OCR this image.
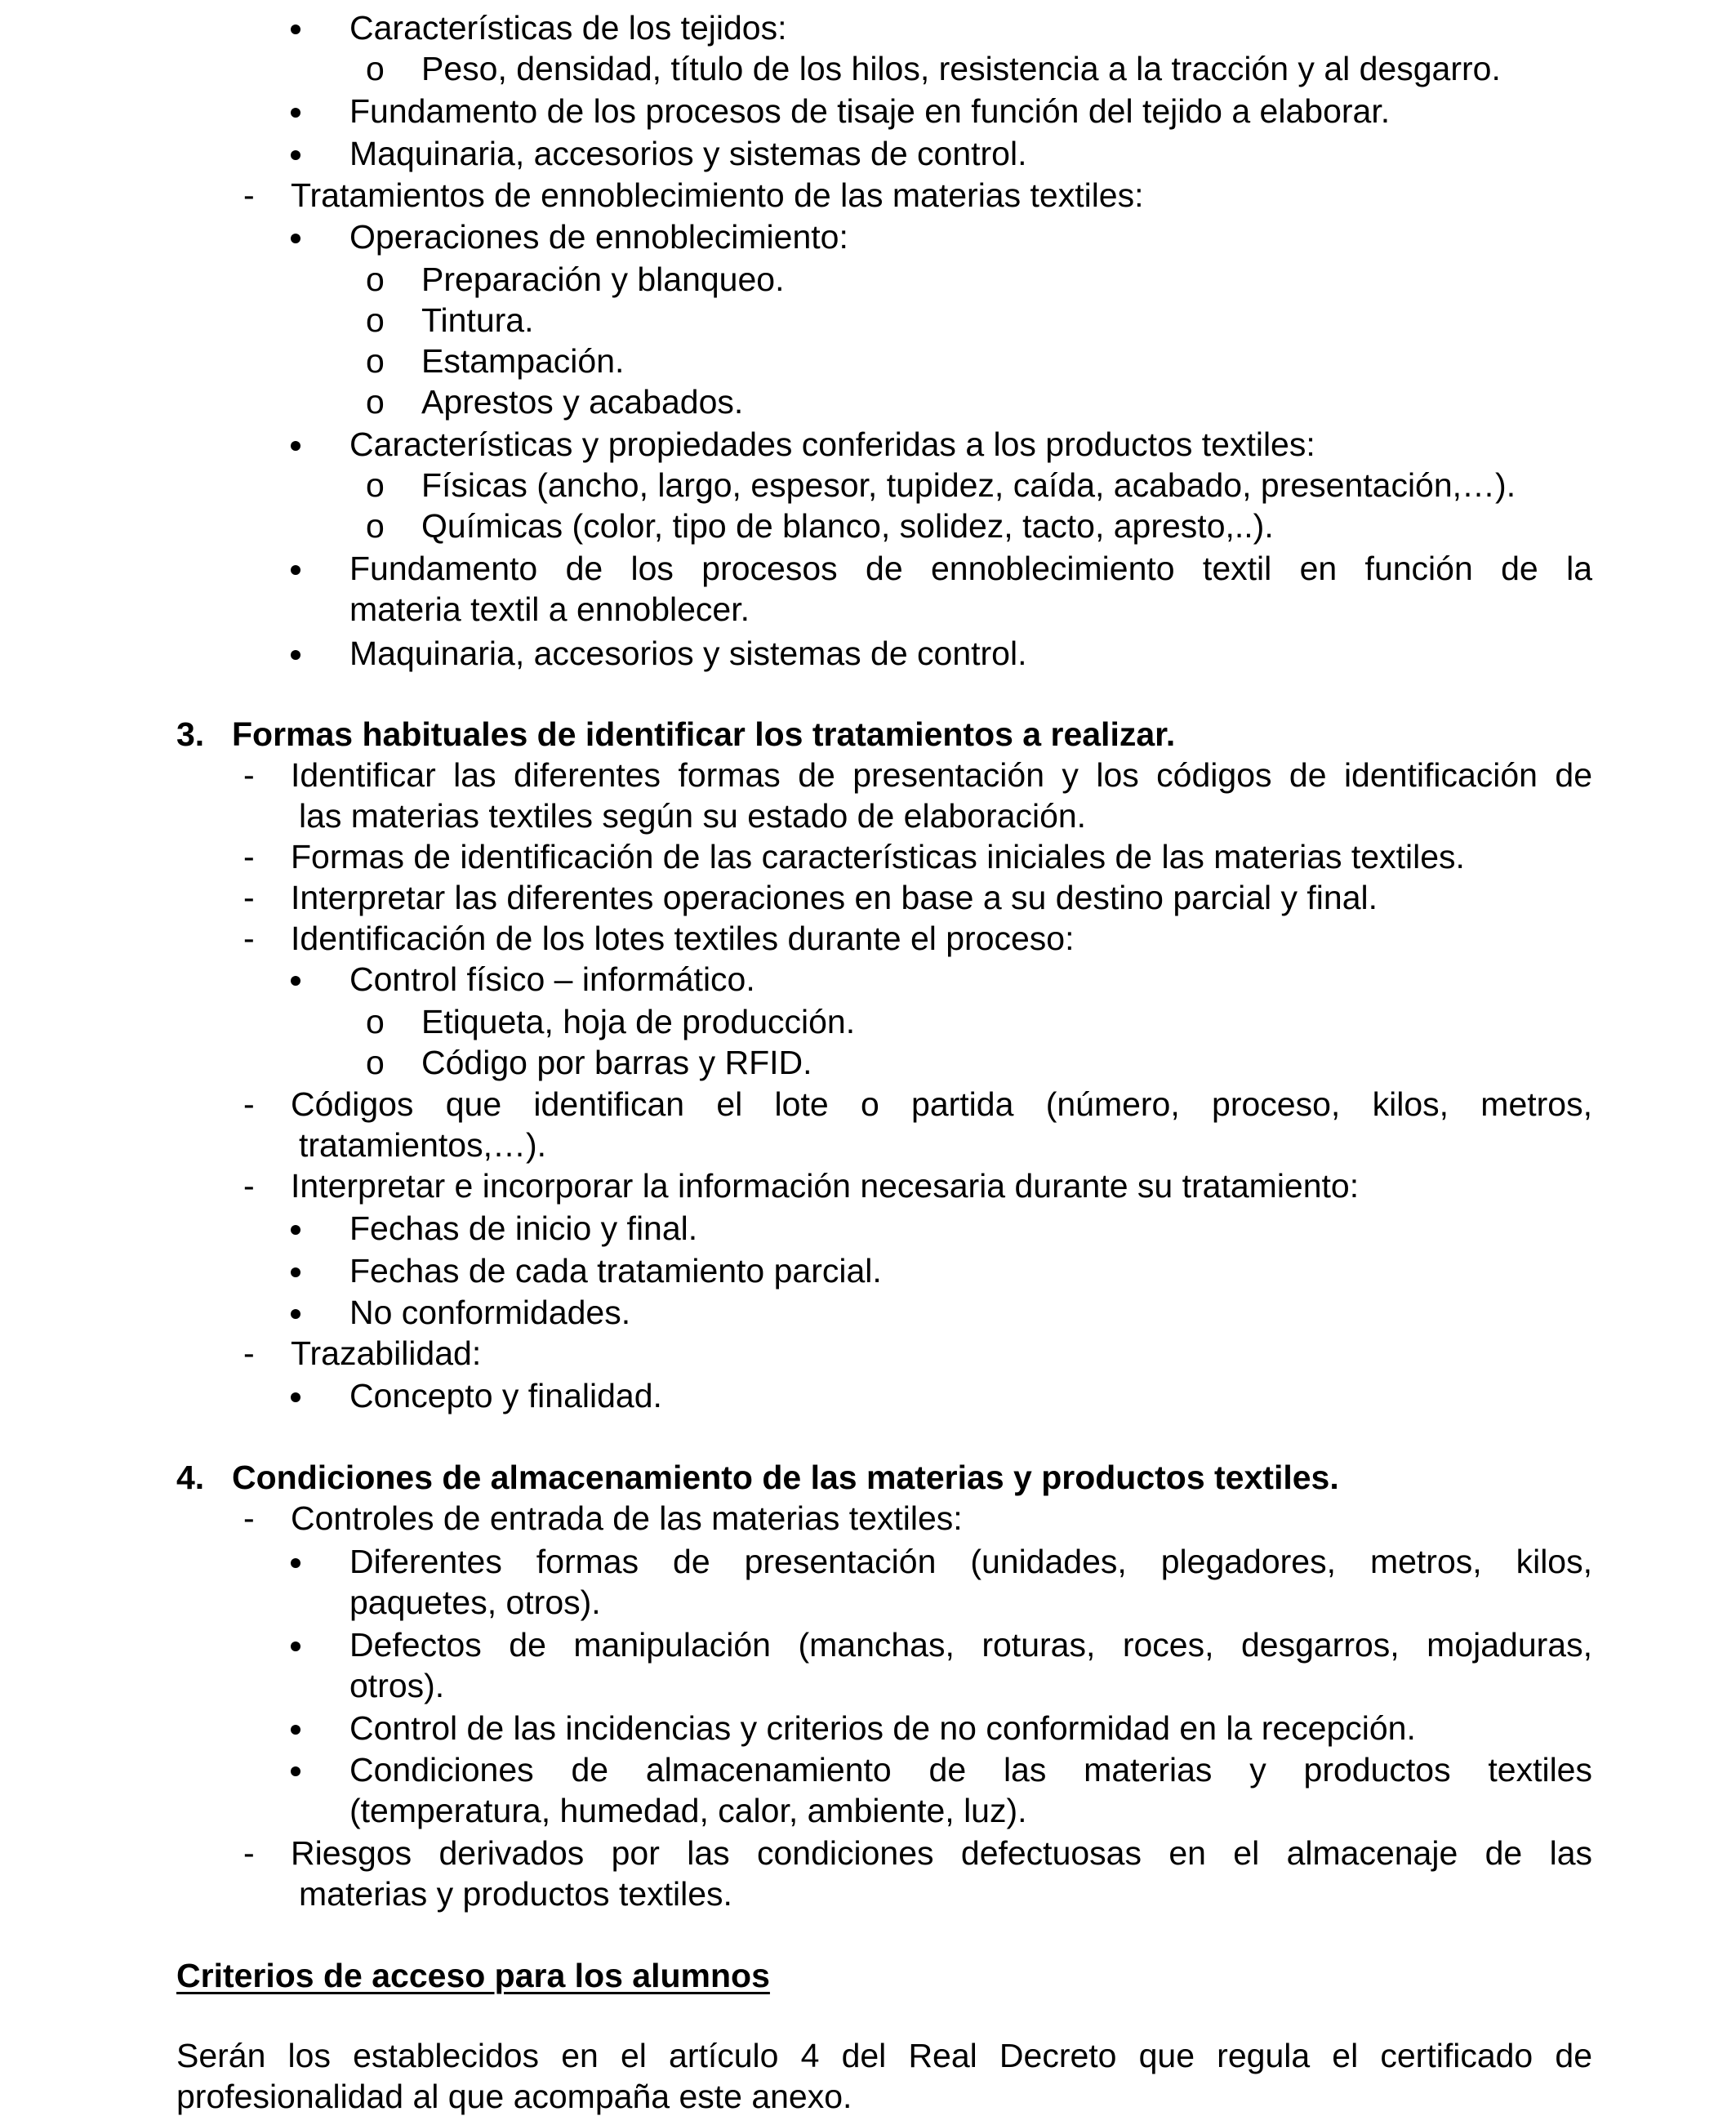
Características de los tejidos:
o Peso, densidad, título de los hilos, resistencia a la tracción y al desgarro.
Fundamento de los procesos de tisaje en función del tejido a elaborar.
Maquinaria, accesorios y sistemas de control.
- Tratamientos de ennoblecimiento de las materias textiles:
Operaciones de ennoblecimiento:
o Preparación y blanqueo.
o Tintura.
o Estampación.
o Aprestos y acabados.
Características y propiedades conferidas a los productos textiles:
o Físicas (ancho, largo, espesor, tupidez, caída, acabado, presentación,…).
o Químicas (color, tipo de blanco, solidez, tacto, apresto,..).
Fundamento de los procesos de ennoblecimiento textil en función de la
materia textil a ennoblecer.
Maquinaria, accesorios y sistemas de control.
3. Formas habituales de identificar los tratamientos a realizar.
- Identificar las diferentes formas de presentación y los códigos de identificación de
las materias textiles según su estado de elaboración.
- Formas de identificación de las características iniciales de las materias textiles.
- Interpretar las diferentes operaciones en base a su destino parcial y final.
- Identificación de los lotes textiles durante el proceso:
Control físico – informático.
o Etiqueta, hoja de producción.
o Código por barras y RFID.
- Códigos que identifican el lote o partida (número, proceso, kilos, metros,
tratamientos,…).
- Interpretar e incorporar la información necesaria durante su tratamiento:
Fechas de inicio y final.
Fechas de cada tratamiento parcial.
No conformidades.
- Trazabilidad:
Concepto y finalidad.
4. Condiciones de almacenamiento de las materias y productos textiles.
- Controles de entrada de las materias textiles:
Diferentes formas de presentación (unidades, plegadores, metros, kilos,
paquetes, otros).
Defectos de manipulación (manchas, roturas, roces, desgarros, mojaduras,
otros).
Control de las incidencias y criterios de no conformidad en la recepción.
Condiciones de almacenamiento de las materias y productos textiles
(temperatura, humedad, calor, ambiente, luz).
- Riesgos derivados por las condiciones defectuosas en el almacenaje de las
materias y productos textiles.
Criterios de acceso para los alumnos
Serán los establecidos en el artículo 4 del Real Decreto que regula el certificado de
profesionalidad al que acompaña este anexo.
